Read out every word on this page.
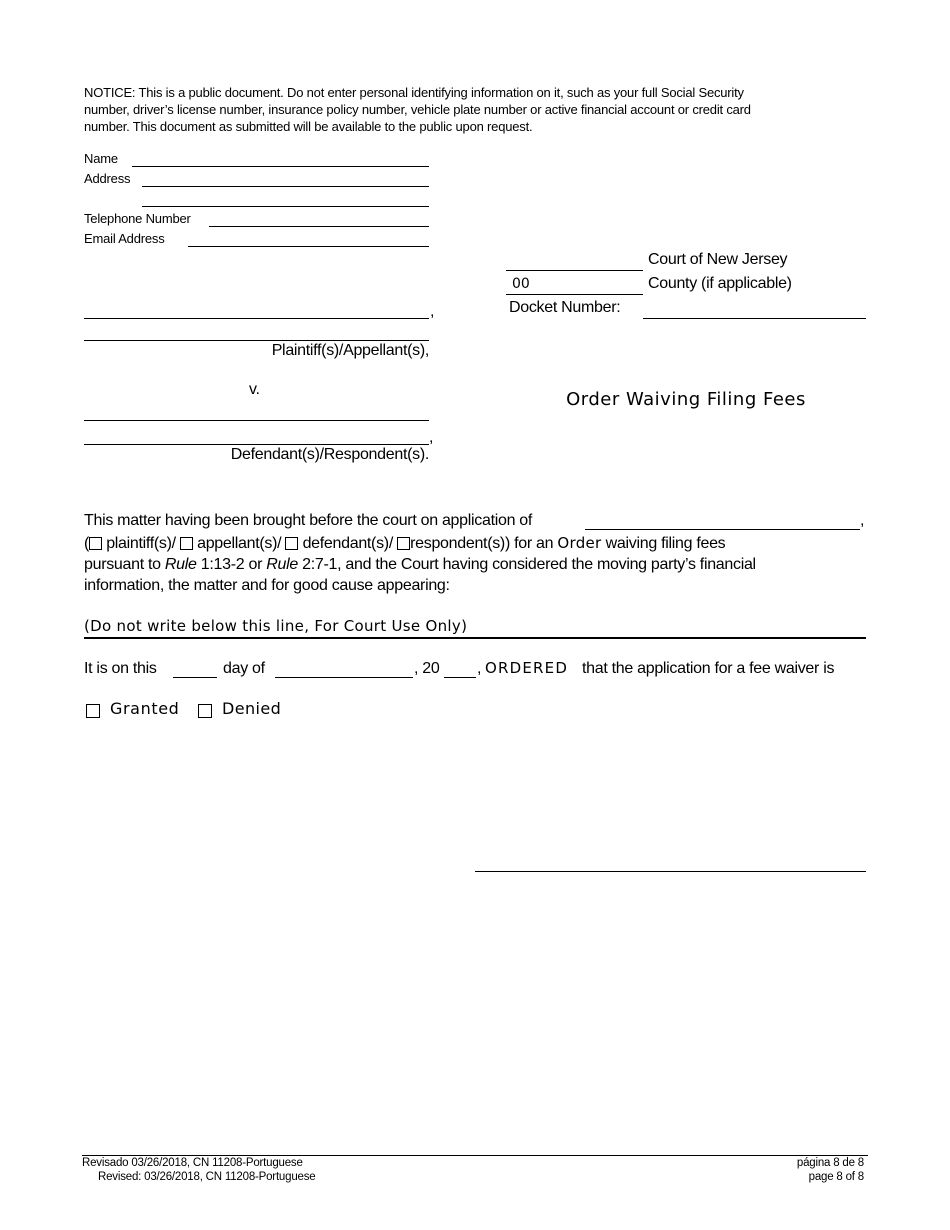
NOTICE: This is a public document. Do not enter personal identifying information on it, such as your full Social Security
number, driver’s license number, insurance policy number, vehicle plate number or active financial account or credit card
number. This document as submitted will be available to the public upon request.
Name
Address
Telephone Number
Email Address
Court of New Jersey
00	County (if applicable)
Docket Number:
,
Plaintiff(s)/Appellant(s),
v.
,
Defendant(s)/Respondent(s).
Order Waiving Filing Fees
This matter having been brought before the court on application of	,
( plaintiff(s)/ appellant(s)/ defendant(s)/ respondent(s)) for an Order waiving filing fees
pursuant to Rule 1:13-2 or Rule 2:7-1, and the Court having considered the moving party’s financial
information, the matter and for good cause appearing:
(Do not write below this line, For Court Use Only)
It is on this	day of	, 20 , ORDERED that the application for a fee waiver is
Granted	Denied
Revisado 03/26/2018, CN 11208-Portuguese
Revised: 03/26/2018, CN 11208-Portuguese
página 8 de 8
page 8 of 8
